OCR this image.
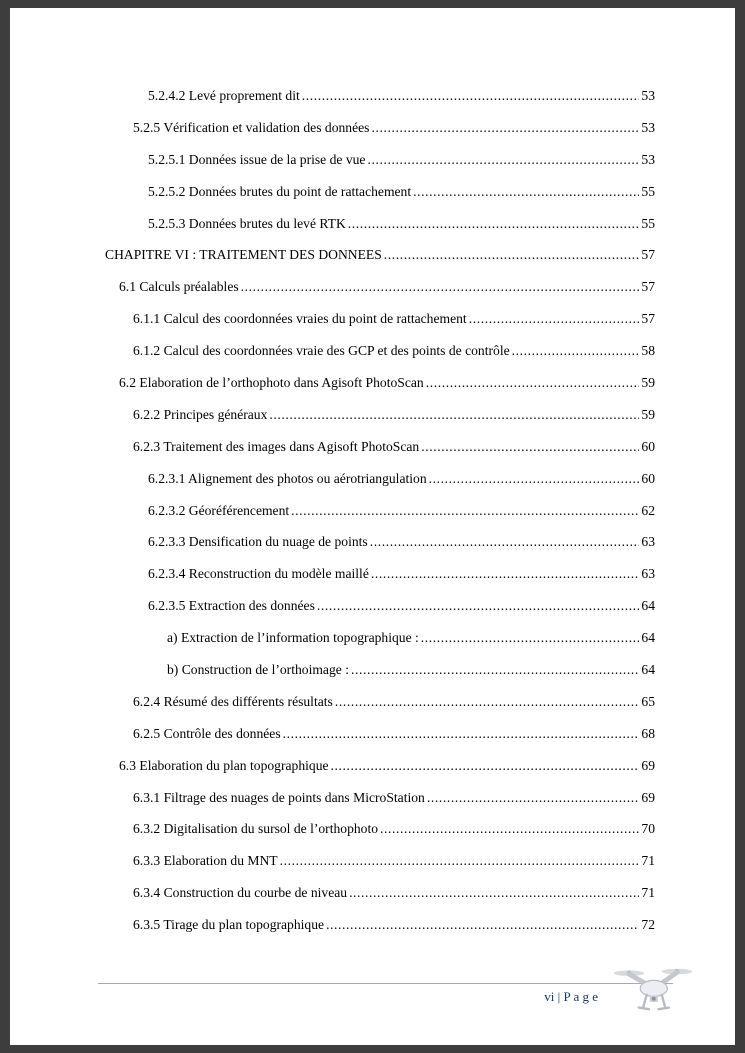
5.2.4.2 Levé proprement dit .....	53
5.2.5 Vérification et validation des données .....	53
5.2.5.1 Données issue de la prise de vue .....	53
5.2.5.2 Données brutes du point de rattachement .....	55
5.2.5.3 Données brutes du levé RTK .....	55
CHAPITRE VI : TRAITEMENT DES DONNEES .....	57
6.1 Calculs préalables .....	57
6.1.1 Calcul des coordonnées vraies du point de rattachement .....	57
6.1.2 Calcul des coordonnées vraie des GCP et des points de contrôle .....	58
6.2 Elaboration de l’orthophoto dans Agisoft PhotoScan .....	59
6.2.2 Principes généraux .....	59
6.2.3 Traitement des images dans Agisoft PhotoScan .....	60
6.2.3.1 Alignement des photos ou aérotriangulation .....	60
6.2.3.2 Géoréférencement .....	62
6.2.3.3 Densification du nuage de points .....	63
6.2.3.4 Reconstruction du modèle maillé .....	63
6.2.3.5 Extraction des données .....	64
a) Extraction de l’information topographique : .....	64
b) Construction de l’orthoimage : .....	64
6.2.4 Résumé des différents résultats .....	65
6.2.5 Contrôle des données .....	68
6.3 Elaboration du plan topographique .....	69
6.3.1 Filtrage des nuages de points dans MicroStation .....	69
6.3.2 Digitalisation du sursol de l’orthophoto .....	70
6.3.3 Elaboration du MNT .....	71
6.3.4 Construction du courbe de niveau .....	71
6.3.5 Tirage du plan topographique .....	72
vi | P a g e
